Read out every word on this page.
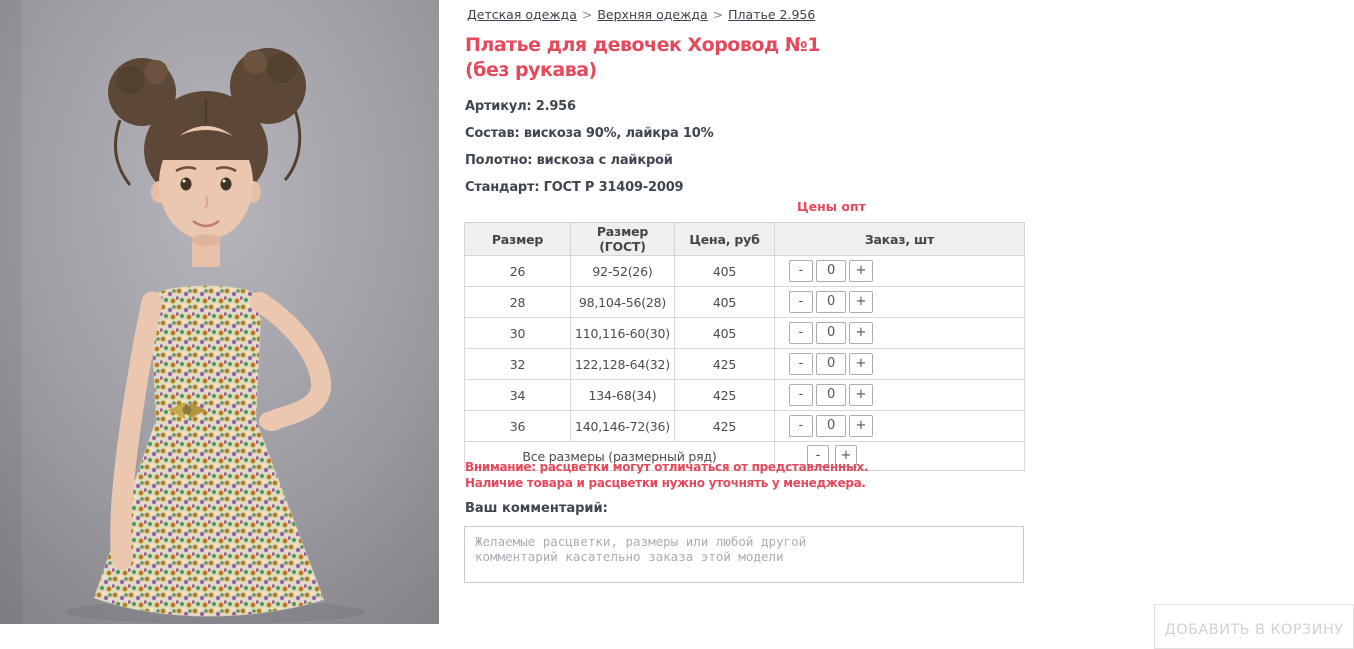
Детская одежда > Верхняя одежда > Платье 2.956
Платье для девочек Хоровод №1 (без рукава)
Артикул: 2.956
Состав: вискоза 90%, лайкра 10%
Полотно: вискоза с лайкрой
Стандарт: ГОСТ Р 31409-2009
Цены опт
Размер	Размер (ГОСТ)	Цена, руб	Заказ, шт
26	92-52(26)	405	- 0 +

28	98,104-56(28)	405	- 0 +

30	110,116-60(30)	405	- 0 +

32	122,128-64(32)	425	- 0 +

34	134-68(34)	425	- 0 +

36	140,146-72(36)	425	- 0 +

Все размеры (размерный ряд)			- +
Внимание: расцветки могут отличаться от представленных.
Наличие товара и расцветки нужно уточнять у менеджера.
Ваш комментарий:
Желаемые расцветки, размеры или любой другой комментарий касательно заказа этой модели
ДОБАВИТЬ В КОРЗИНУ
